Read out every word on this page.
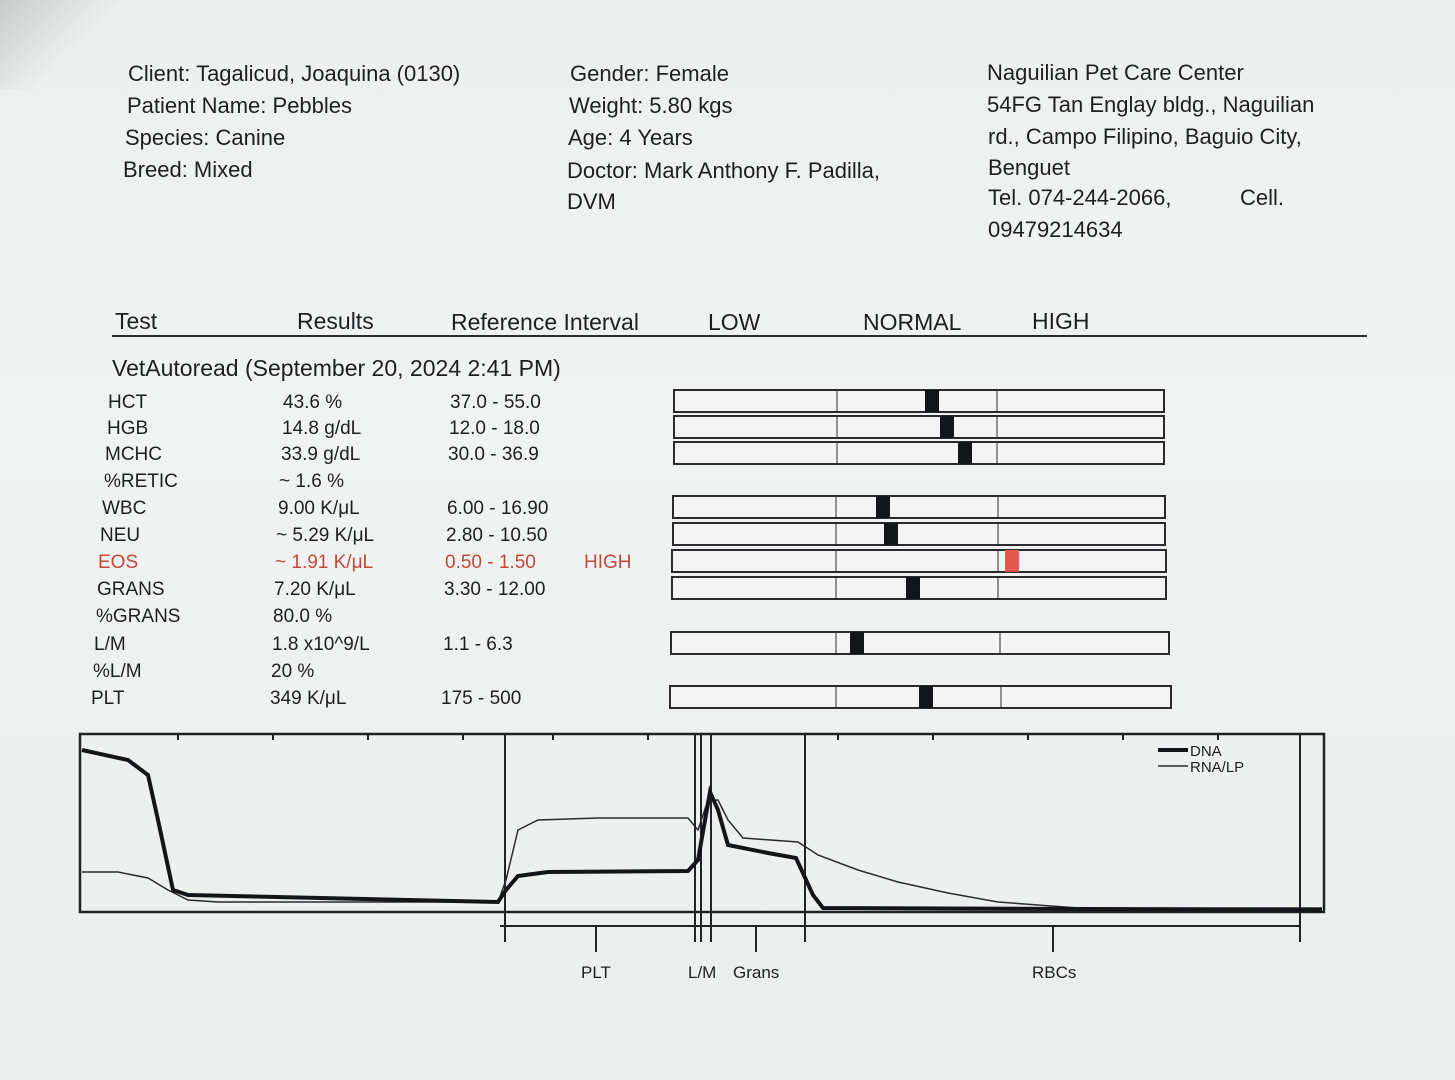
Client: Tagalicud, Joaquina (0130)
Patient Name: Pebbles
Species: Canine
Breed: Mixed
Gender: Female
Weight: 5.80 kgs
Age: 4 Years
Doctor: Mark Anthony F. Padilla,
DVM
Naguilian Pet Care Center
54FG Tan Englay bldg., Naguilian
rd., Campo Filipino, Baguio City,
Benguet
Tel. 074-244-2066,	Cell.
09479214634
Test	Results	Reference Interval	LOW	NORMAL	HIGH
VetAutoread (September 20, 2024 2:41 PM)
HCT	43.6 %	37.0 - 55.0
HGB	14.8 g/dL	12.0 - 18.0
MCHC	33.9 g/dL	30.0 - 36.9
%RETIC	~ 1.6 %
WBC	9.00 K/μL	6.00 - 16.90
NEU	~ 5.29 K/μL	2.80 - 10.50
EOS	~ 1.91 K/μL	0.50 - 1.50	HIGH
GRANS	7.20 K/μL	3.30 - 12.00
%GRANS	80.0 %
L/M	1.8 x10^9/L	1.1 - 6.3
%L/M	20 %
PLT	349 K/μL	175 - 500
DNA
RNA/LP
PLT	L/M Grans	RBCs
